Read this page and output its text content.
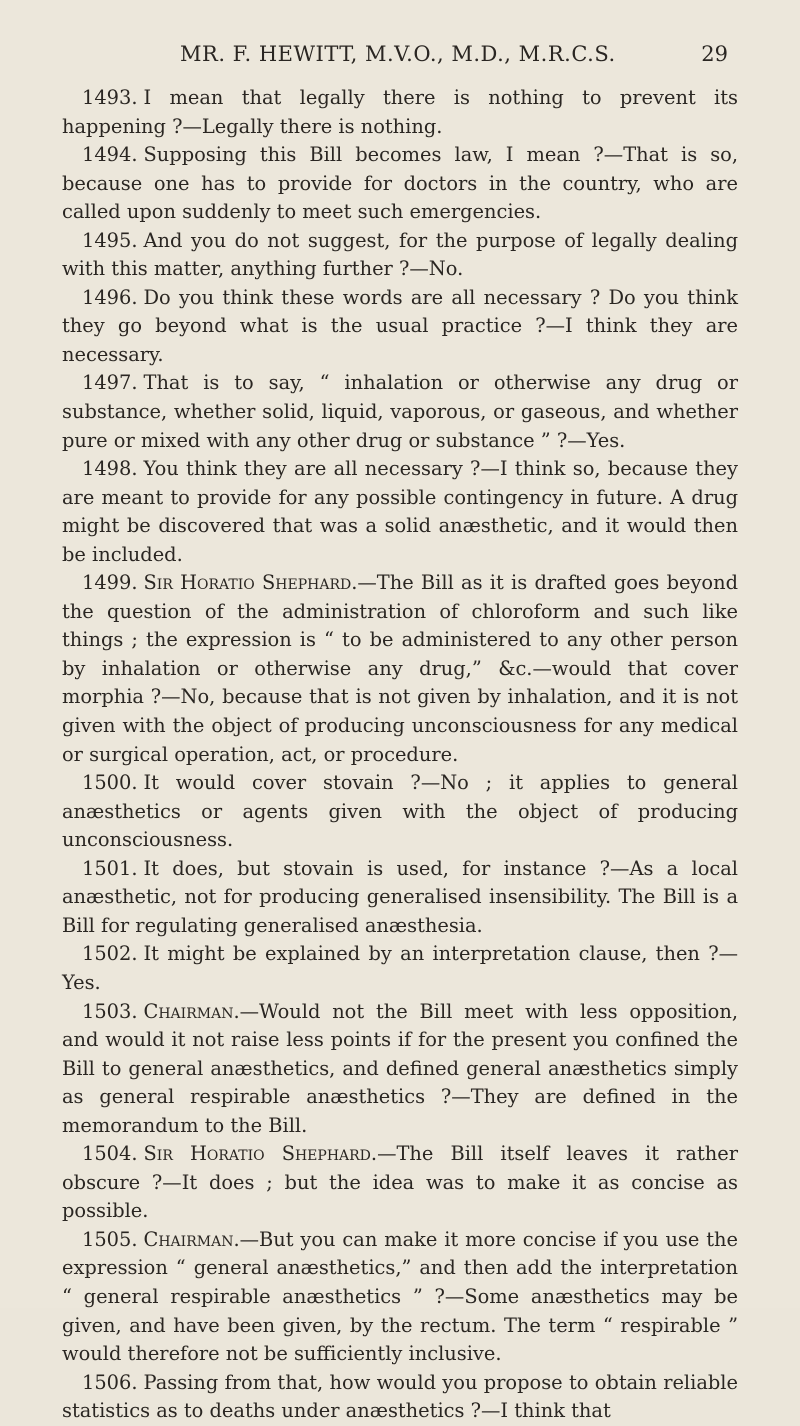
MR. F. HEWITT, M.V.O., M.D., M.R.C.S.	29

1493. I mean that legally there is nothing to prevent its happening ?—Legally there is nothing.

1494. Supposing this Bill becomes law, I mean ?—That is so, because one has to provide for doctors in the country, who are called upon suddenly to meet such emergencies.

1495. And you do not suggest, for the purpose of legally dealing with this matter, anything further ?—No.

1496. Do you think these words are all necessary ? Do you think they go beyond what is the usual practice ?—I think they are necessary.

1497. That is to say, “ inhalation or otherwise any drug or substance, whether solid, liquid, vaporous, or gaseous, and whether pure or mixed with any other drug or substance ” ?—Yes.

1498. You think they are all necessary ?—I think so, because they are meant to provide for any possible contingency in future. A drug might be discovered that was a solid anæsthetic, and it would then be included.

1499. Sir Horatio Shephard.—The Bill as it is drafted goes beyond the question of the administration of chloroform and such like things ; the expression is “ to be administered to any other person by inhalation or otherwise any drug,” &c.—would that cover morphia ?—No, because that is not given by inhalation, and it is not given with the object of producing unconsciousness for any medical or surgical operation, act, or procedure.

1500. It would cover stovain ?—No ; it applies to general anæsthetics or agents given with the object of producing unconsciousness.

1501. It does, but stovain is used, for instance ?—As a local anæsthetic, not for producing generalised insensibility. The Bill is a Bill for regulating generalised anæsthesia.

1502. It might be explained by an interpretation clause, then ?—Yes.

1503. Chairman.—Would not the Bill meet with less opposition, and would it not raise less points if for the present you confined the Bill to general anæsthetics, and defined general anæsthetics simply as general respirable anæsthetics ?—They are defined in the memorandum to the Bill.

1504. Sir Horatio Shephard.—The Bill itself leaves it rather obscure ?—It does ; but the idea was to make it as concise as possible.

1505. Chairman.—But you can make it more concise if you use the expression “ general anæsthetics,” and then add the interpretation “ general respirable anæsthetics ” ?—Some anæsthetics may be given, and have been given, by the rectum. The term “ respirable ” would therefore not be sufficiently inclusive.

1506. Passing from that, how would you propose to obtain reliable statistics as to deaths under anæsthetics ?—I think that
